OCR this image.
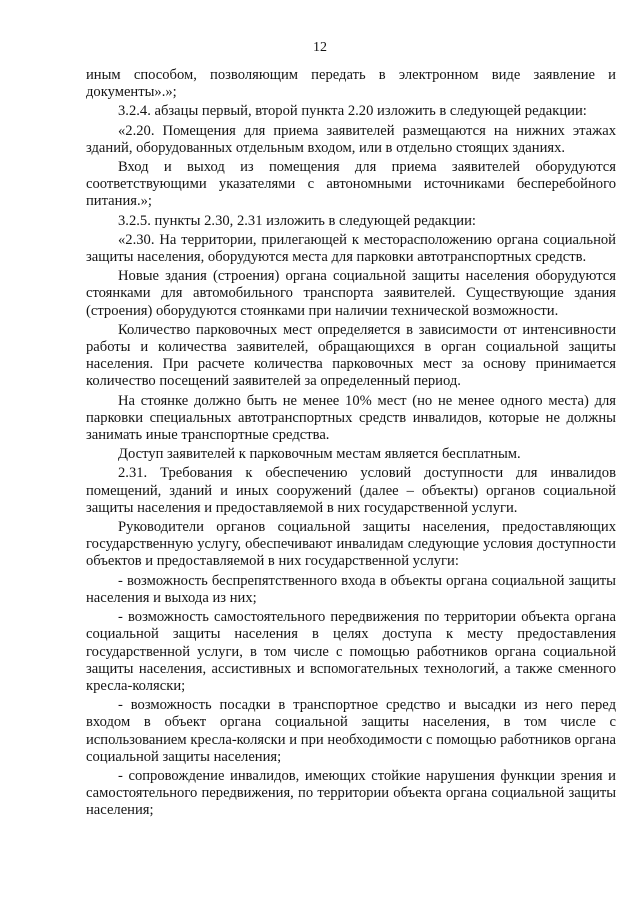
12

иным способом, позволяющим передать в электронном виде заявление и документы».»;

3.2.4. абзацы первый, второй пункта 2.20 изложить в следующей редакции:

«2.20. Помещения для приема заявителей размещаются на нижних этажах зданий, оборудованных отдельным входом, или в отдельно стоящих зданиях.

Вход и выход из помещения для приема заявителей оборудуются соответствующими указателями с автономными источниками бесперебойного питания.»;

3.2.5. пункты 2.30, 2.31 изложить в следующей редакции:

«2.30. На территории, прилегающей к месторасположению органа социальной защиты населения, оборудуются места для парковки автотранспортных средств.

Новые здания (строения) органа социальной защиты населения оборудуются стоянками для автомобильного транспорта заявителей. Существующие здания (строения) оборудуются стоянками при наличии технической возможности.

Количество парковочных мест определяется в зависимости от интенсивности работы и количества заявителей, обращающихся в орган социальной защиты населения. При расчете количества парковочных мест за основу принимается количество посещений заявителей за определенный период.

На стоянке должно быть не менее 10% мест (но не менее одного места) для парковки специальных автотранспортных средств инвалидов, которые не должны занимать иные транспортные средства.

Доступ заявителей к парковочным местам является бесплатным.

2.31. Требования к обеспечению условий доступности для инвалидов помещений, зданий и иных сооружений (далее – объекты) органов социальной защиты населения и предоставляемой в них государственной услуги.

Руководители органов социальной защиты населения, предоставляющих государственную услугу, обеспечивают инвалидам следующие условия доступности объектов и предоставляемой в них государственной услуги:

- возможность беспрепятственного входа в объекты органа социальной защиты населения и выхода из них;

- возможность самостоятельного передвижения по территории объекта органа социальной защиты населения в целях доступа к месту предоставления государственной услуги, в том числе с помощью работников органа социальной защиты населения, ассистивных и вспомогательных технологий, а также сменного кресла-коляски;

- возможность посадки в транспортное средство и высадки из него перед входом в объект органа социальной защиты населения, в том числе с использованием кресла-коляски и при необходимости с помощью работников органа социальной защиты населения;

- сопровождение инвалидов, имеющих стойкие нарушения функции зрения и самостоятельного передвижения, по территории объекта органа социальной защиты населения;
